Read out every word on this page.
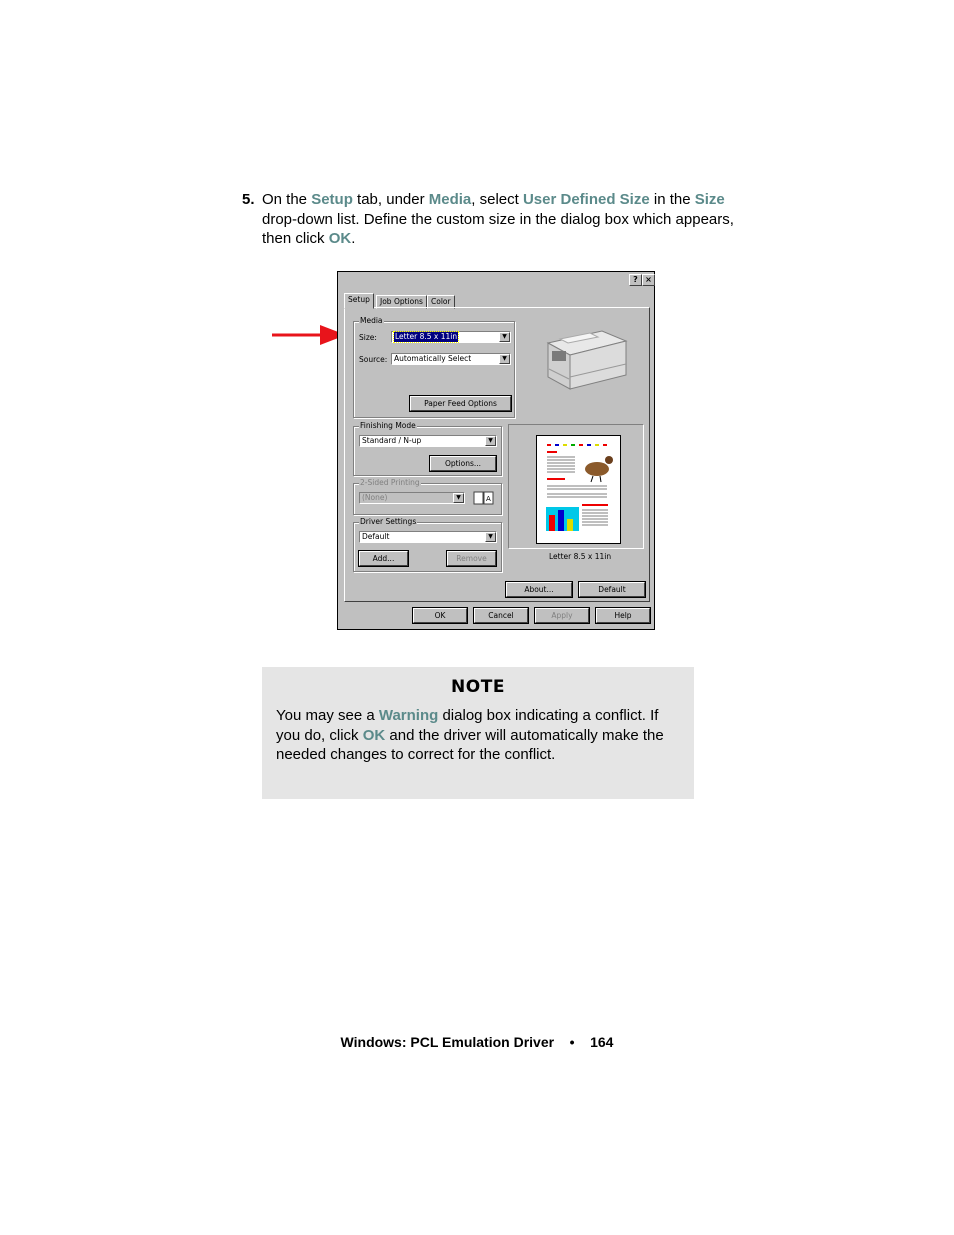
5. On the Setup tab, under Media, select User Defined Size in the Size drop-down list. Define the custom size in the dialog box which appears, then click OK.
? ×
Setup	Job Options	Color
Media
Size: Letter 8.5 x 11in	▼
Source: Automatically Select	▼
Paper Feed Options
Finishing Mode
Standard / N-up	▼
Options...
2-Sided Printing
(None)	▼	A
Driver Settings
Default	▼
Add...	Remove	Letter 8.5 x 11in
About...	Default
OK	Cancel	Apply	Help
NOTE

You may see a Warning dialog box indicating a conflict. If you do, click OK and the driver will automatically make the needed changes to correct for the conflict.

Windows: PCL Emulation Driver • 164
